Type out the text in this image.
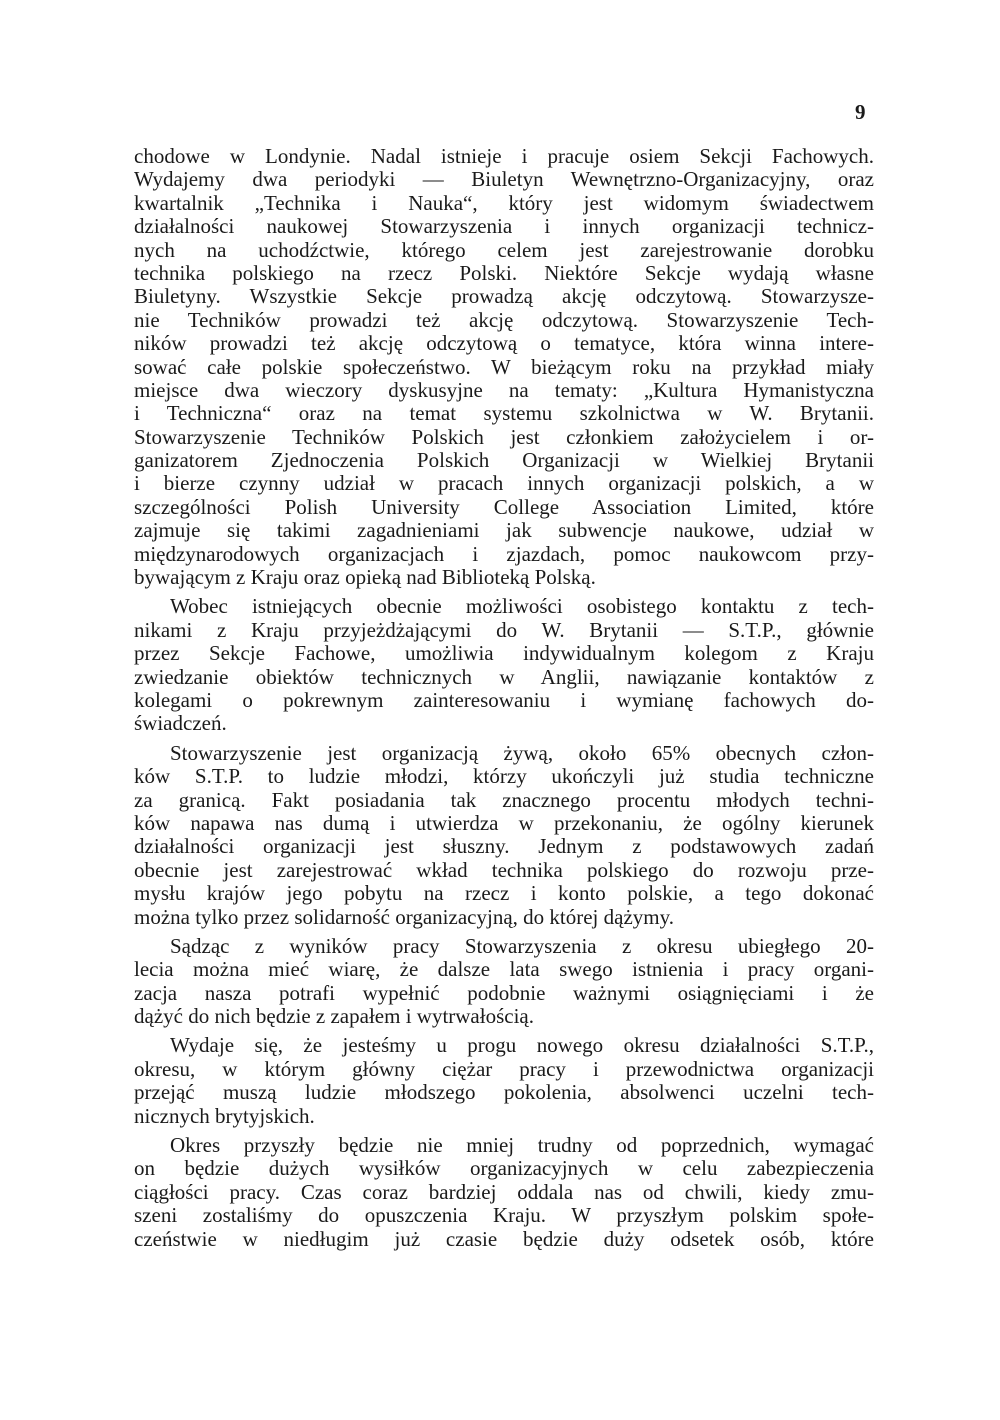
9
chodowe w Londynie. Nadal istnieje i pracuje osiem Sekcji Fachowych.
Wydajemy dwa periodyki — Biuletyn Wewnętrzno-Organizacyjny, oraz
kwartalnik „Technika i Nauka“, który jest widomym świadectwem
działalności naukowej Stowarzyszenia i innych organizacji technicz-
nych na uchodźctwie, którego celem jest zarejestrowanie dorobku
technika polskiego na rzecz Polski. Niektóre Sekcje wydają własne
Biuletyny. Wszystkie Sekcje prowadzą akcję odczytową. Stowarzysze-
nie Techników prowadzi też akcję odczytową. Stowarzyszenie Tech-
ników prowadzi też akcję odczytową o tematyce, która winna intere-
sować całe polskie społeczeństwo. W bieżącym roku na przykład miały
miejsce dwa wieczory dyskusyjne na tematy: „Kultura Hymanistyczna
i Techniczna“ oraz na temat systemu szkolnictwa w W. Brytanii.
Stowarzyszenie Techników Polskich jest członkiem założycielem i or-
ganizatorem Zjednoczenia Polskich Organizacji w Wielkiej Brytanii
i bierze czynny udział w pracach innych organizacji polskich, a w
szczególności Polish University College Association Limited, które
zajmuje się takimi zagadnieniami jak subwencje naukowe, udział w
międzynarodowych organizacjach i zjazdach, pomoc naukowcom przy-
bywającym z Kraju oraz opieką nad Biblioteką Polską.
Wobec istniejących obecnie możliwości osobistego kontaktu z tech-
nikami z Kraju przyjeżdżającymi do W. Brytanii — S.T.P., głównie
przez Sekcje Fachowe, umożliwia indywidualnym kolegom z Kraju
zwiedzanie obiektów technicznych w Anglii, nawiązanie kontaktów z
kolegami o pokrewnym zainteresowaniu i wymianę fachowych do-
świadczeń.
Stowarzyszenie jest organizacją żywą, około 65% obecnych człon-
ków S.T.P. to ludzie młodzi, którzy ukończyli już studia techniczne
za granicą. Fakt posiadania tak znacznego procentu młodych techni-
ków napawa nas dumą i utwierdza w przekonaniu, że ogólny kierunek
działalności organizacji jest słuszny. Jednym z podstawowych zadań
obecnie jest zarejestrować wkład technika polskiego do rozwoju prze-
mysłu krajów jego pobytu na rzecz i konto polskie, a tego dokonać
można tylko przez solidarność organizacyjną, do której dążymy.
Sądząc z wyników pracy Stowarzyszenia z okresu ubiegłego 20-
lecia można mieć wiarę, że dalsze lata swego istnienia i pracy organi-
zacja nasza potrafi wypełnić podobnie ważnymi osiągnięciami i że
dążyć do nich będzie z zapałem i wytrwałością.
Wydaje się, że jesteśmy u progu nowego okresu działalności S.T.P.,
okresu, w którym główny ciężar pracy i przewodnictwa organizacji
przejąć muszą ludzie młodszego pokolenia, absolwenci uczelni tech-
nicznych brytyjskich.
Okres przyszły będzie nie mniej trudny od poprzednich, wymagać
on będzie dużych wysiłków organizacyjnych w celu zabezpieczenia
ciągłości pracy. Czas coraz bardziej oddala nas od chwili, kiedy zmu-
szeni zostaliśmy do opuszczenia Kraju. W przyszłym polskim społe-
czeństwie w niedługim już czasie będzie duży odsetek osób, które
